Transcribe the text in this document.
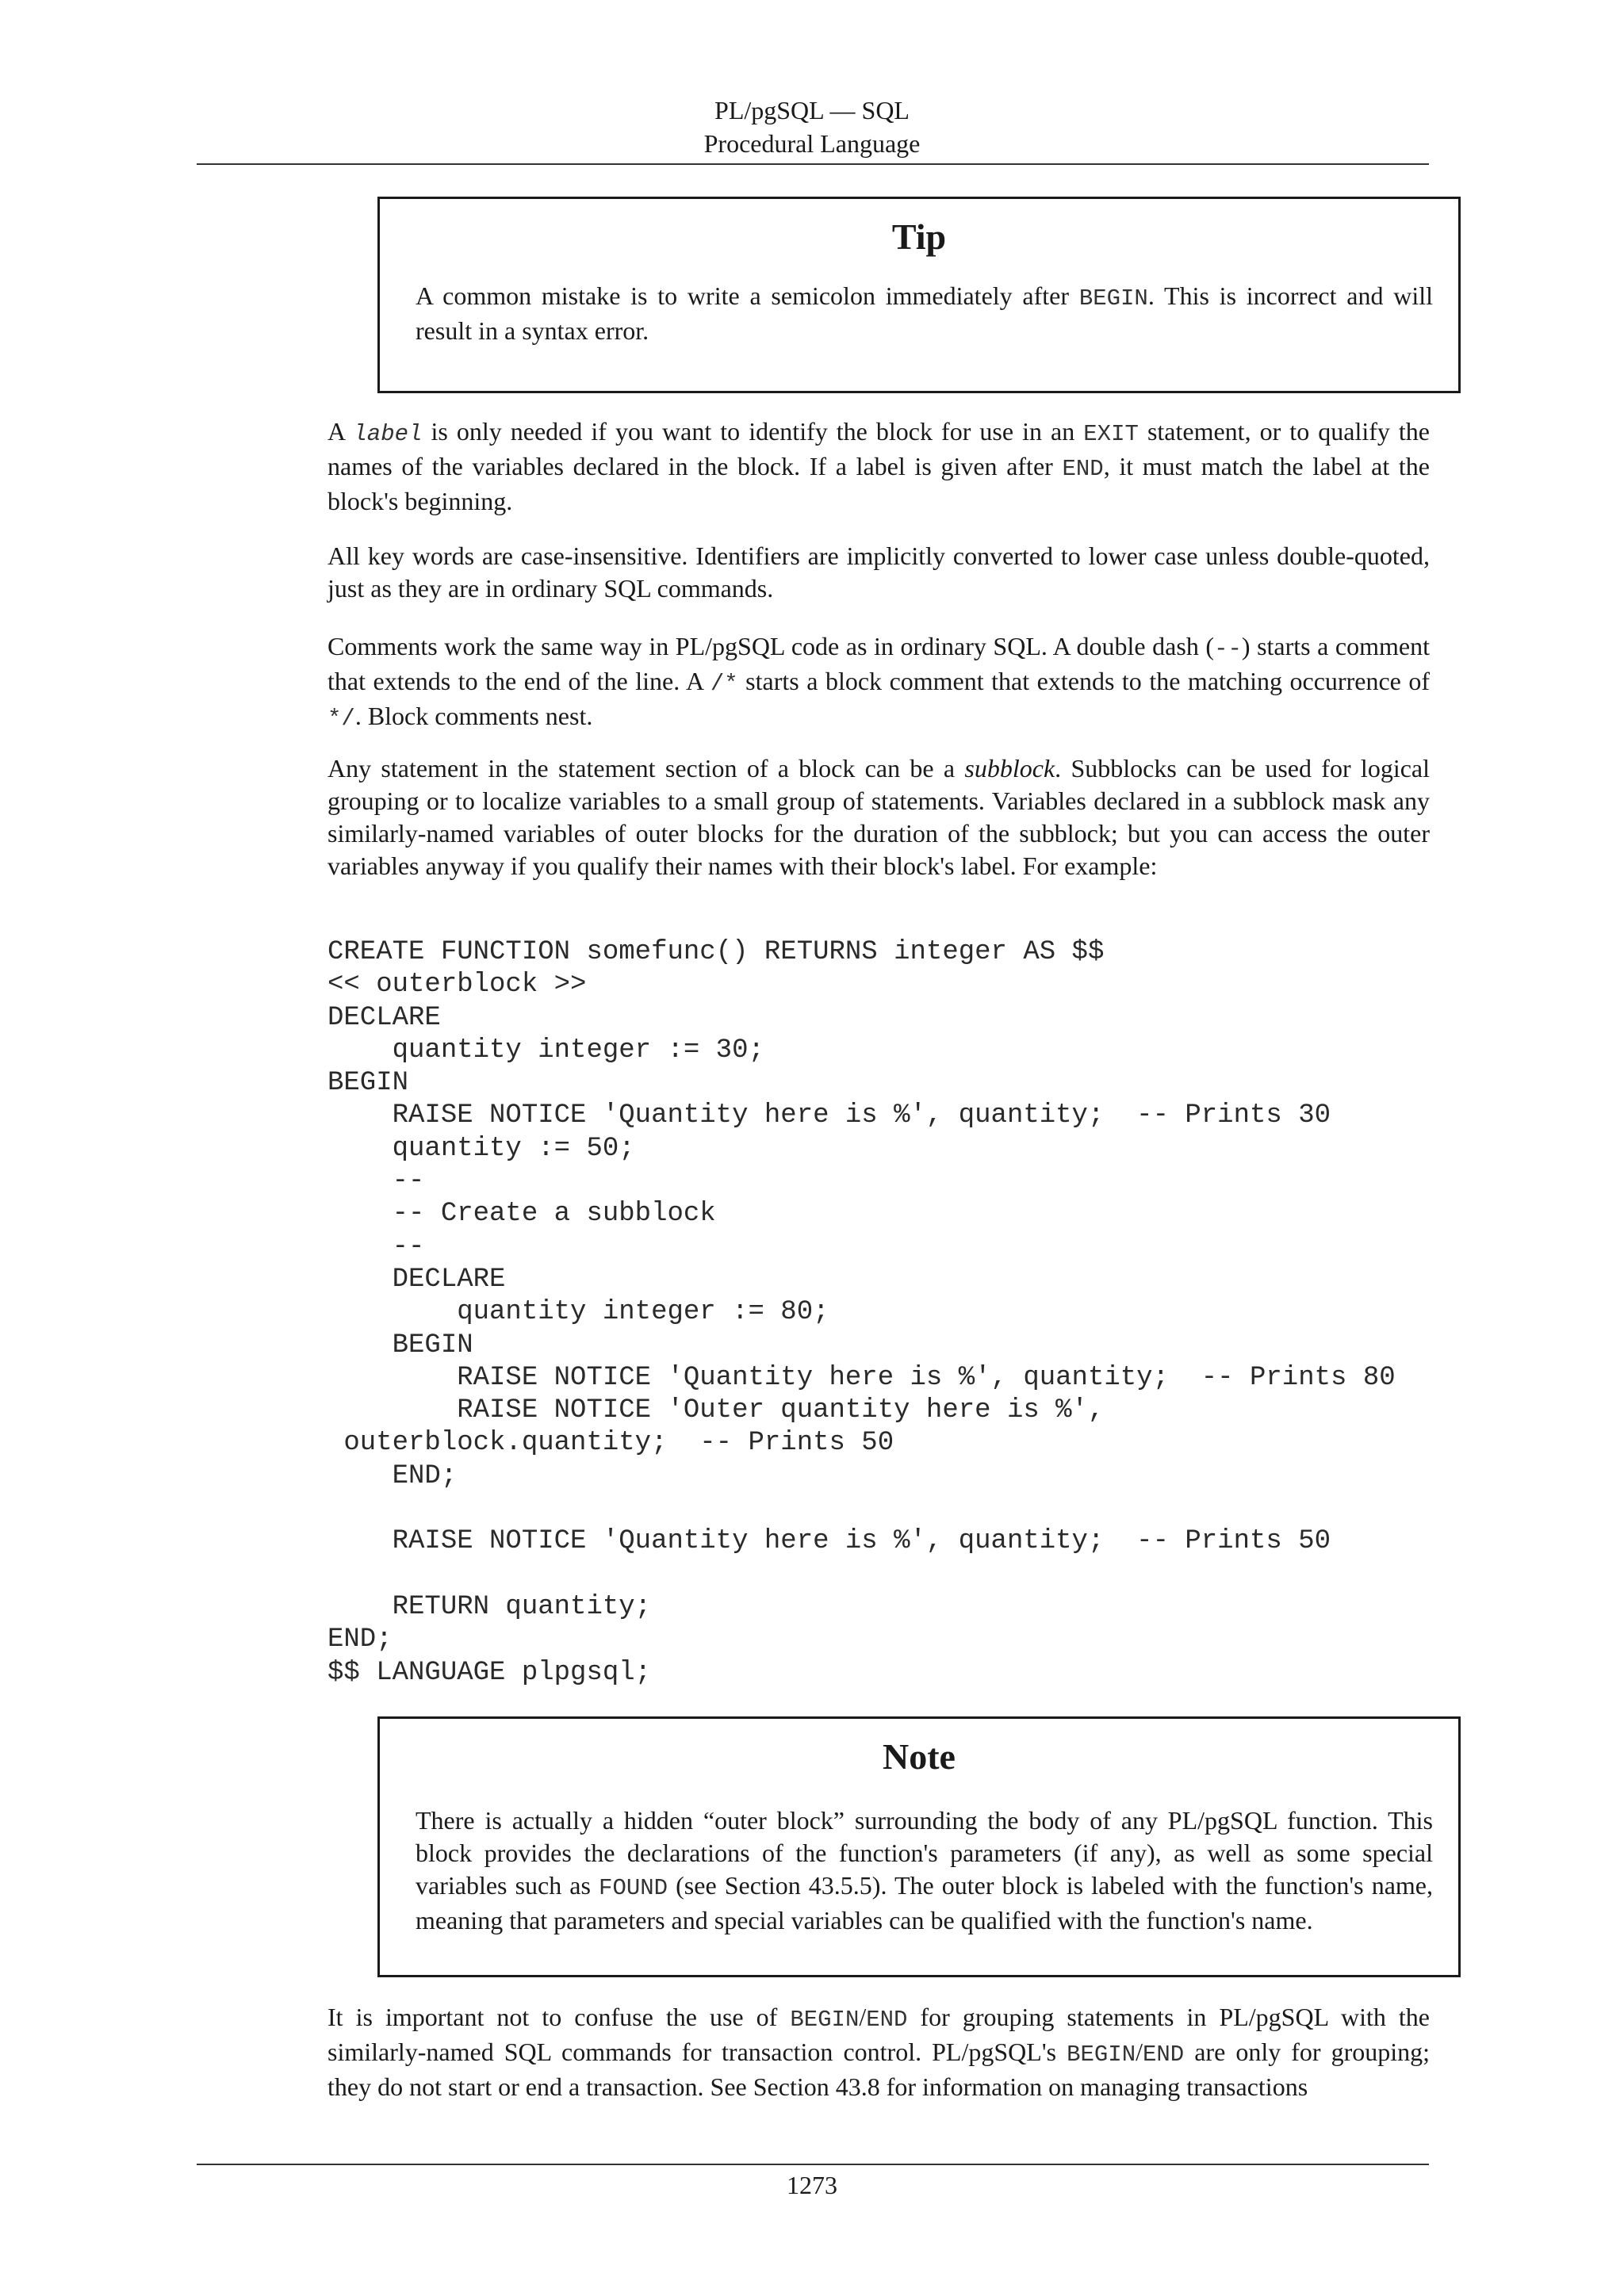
PL/pgSQL — SQL
Procedural Language
Tip
A common mistake is to write a semicolon immediately after BEGIN. This is incorrect and will result in a syntax error.
A label is only needed if you want to identify the block for use in an EXIT statement, or to qualify the names of the variables declared in the block. If a label is given after END, it must match the label at the block's beginning.
All key words are case-insensitive. Identifiers are implicitly converted to lower case unless double-quoted, just as they are in ordinary SQL commands.
Comments work the same way in PL/pgSQL code as in ordinary SQL. A double dash (--) starts a comment that extends to the end of the line. A /* starts a block comment that extends to the matching occurrence of */. Block comments nest.
Any statement in the statement section of a block can be a subblock. Subblocks can be used for logical grouping or to localize variables to a small group of statements. Variables declared in a subblock mask any similarly-named variables of outer blocks for the duration of the subblock; but you can access the outer variables anyway if you qualify their names with their block's label. For example:
CREATE FUNCTION somefunc() RETURNS integer AS $$
<< outerblock >>
DECLARE
quantity integer := 30;
BEGIN
RAISE NOTICE 'Quantity here is %', quantity;  -- Prints 30
quantity := 50;
--
-- Create a subblock
--
DECLARE
quantity integer := 80;
BEGIN
RAISE NOTICE 'Quantity here is %', quantity;  -- Prints 80
RAISE NOTICE 'Outer quantity here is %',
outerblock.quantity;  -- Prints 50
END;

RAISE NOTICE 'Quantity here is %', quantity;  -- Prints 50

RETURN quantity;
END;
$$ LANGUAGE plpgsql;
Note
There is actually a hidden “outer block” surrounding the body of any PL/pgSQL function. This block provides the declarations of the function's parameters (if any), as well as some special variables such as FOUND (see Section 43.5.5). The outer block is labeled with the function's name, meaning that parameters and special variables can be qualified with the function's name.
It is important not to confuse the use of BEGIN/END for grouping statements in PL/pgSQL with the similarly-named SQL commands for transaction control. PL/pgSQL's BEGIN/END are only for grouping; they do not start or end a transaction. See Section 43.8 for information on managing transactions
1273
